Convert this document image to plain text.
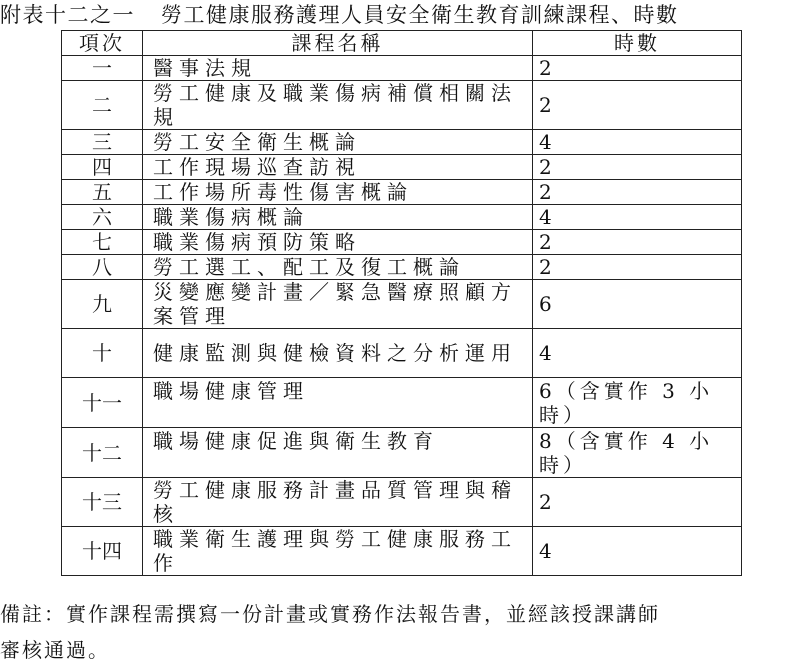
附表十二之一 勞工健康服務護理人員安全衛生教育訓練課程、時數
項次	課程名稱	時數
一	醫事法規	2
二	勞工健康及職業傷病補償相關法規	2
三	勞工安全衛生概論	4
四	工作現場巡查訪視	2
五	工作場所毒性傷害概論	2
六	職業傷病概論	4
七	職業傷病預防策略	2
八	勞工選工、配工及復工概論	2
九	災變應變計畫／緊急醫療照顧方案管理	6
十	健康監測與健檢資料之分析運用	4
十一	職場健康管理	6（含實作 3 小時）
十二	職場健康促進與衛生教育	8（含實作 4 小時）
十三	勞工健康服務計畫品質管理與稽核	2
十四	職業衛生護理與勞工健康服務工作	4
備註：實作課程需撰寫一份計畫或實務作法報告書，並經該授課講師
審核通過。
